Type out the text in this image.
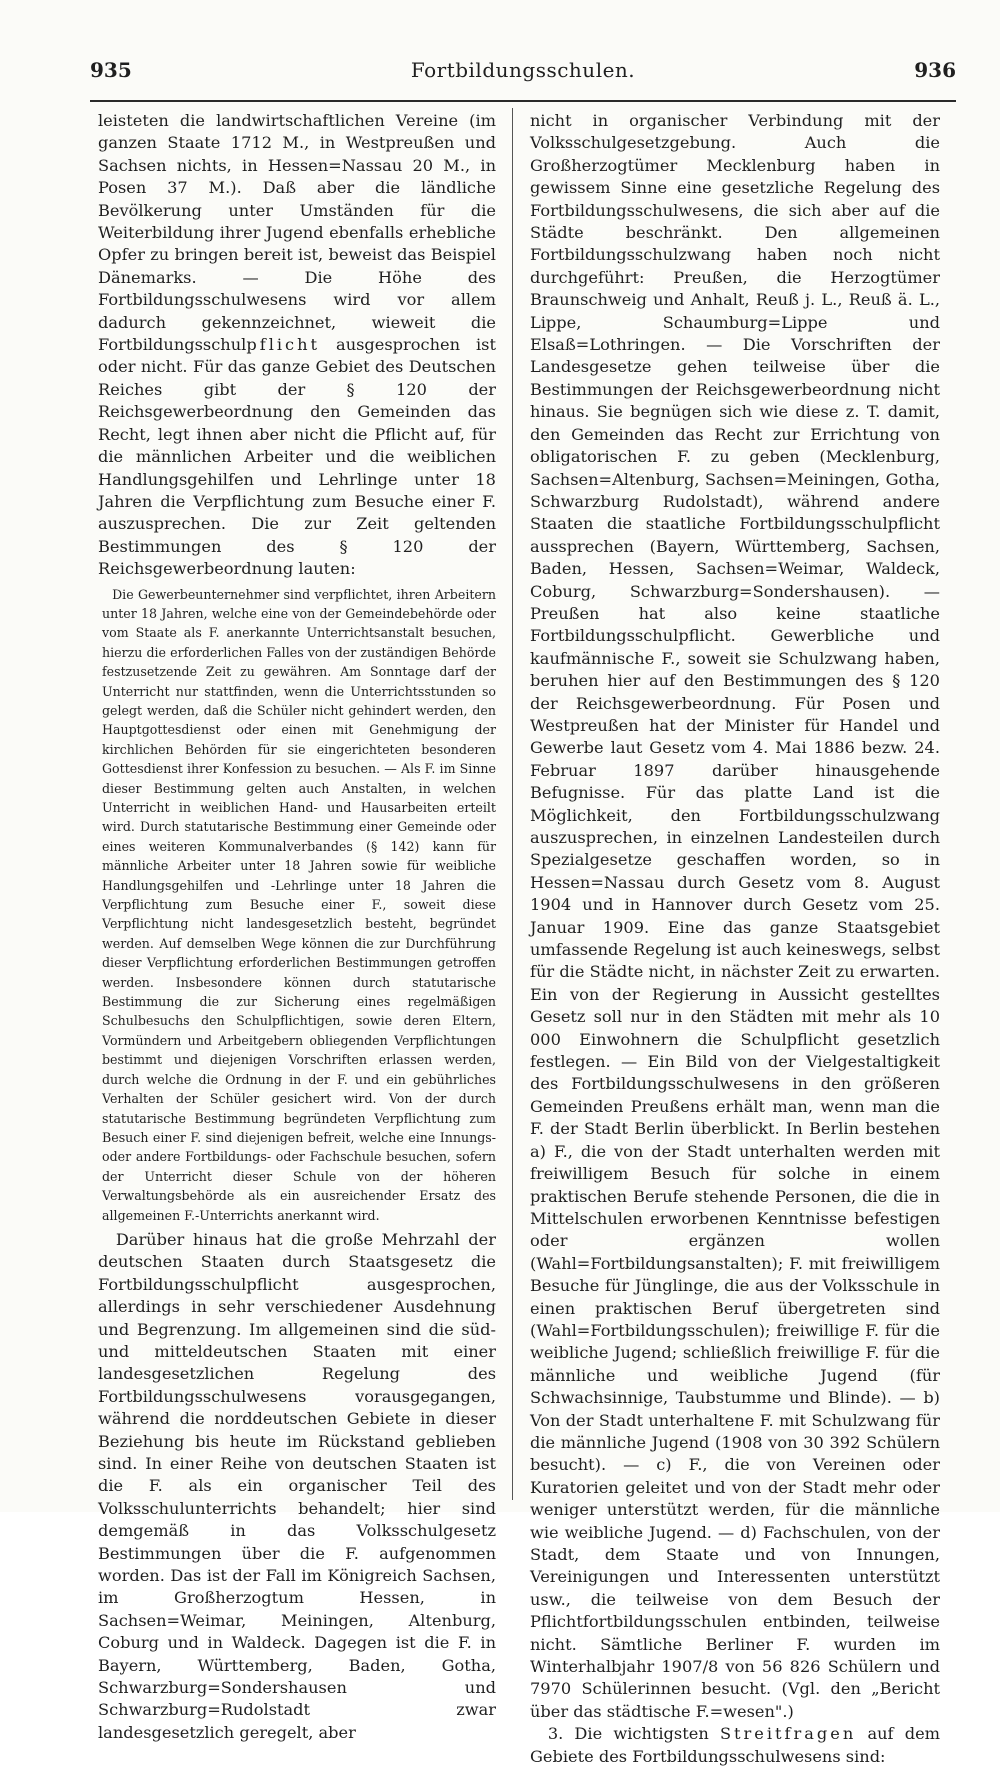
935	Fortbildungsschulen.	936

leisteten die landwirtschaftlichen Vereine (im ganzen Staate 1712 M., in Westpreußen und Sachsen nichts, in Hessen=Nassau 20 M., in Posen 37 M.). Daß aber die ländliche Bevölkerung unter Umständen für die Weiterbildung ihrer Jugend ebenfalls erhebliche Opfer zu bringen bereit ist, beweist das Beispiel Dänemarks. — Die Höhe des Fortbildungsschulwesens wird vor allem dadurch gekennzeichnet, wieweit die Fortbildungsschulpflicht ausgesprochen ist oder nicht. Für das ganze Gebiet des Deutschen Reiches gibt der § 120 der Reichsgewerbeordnung den Gemeinden das Recht, legt ihnen aber nicht die Pflicht auf, für die männlichen Arbeiter und die weiblichen Handlungsgehilfen und Lehrlinge unter 18 Jahren die Verpflichtung zum Besuche einer F. auszusprechen. Die zur Zeit geltenden Bestimmungen des § 120 der Reichsgewerbeordnung lauten:

Die Gewerbeunternehmer sind verpflichtet, ihren Arbeitern unter 18 Jahren, welche eine von der Gemeindebehörde oder vom Staate als F. anerkannte Unterrichtsanstalt besuchen, hierzu die erforderlichen Falles von der zuständigen Behörde festzusetzende Zeit zu gewähren. Am Sonntage darf der Unterricht nur stattfinden, wenn die Unterrichtsstunden so gelegt werden, daß die Schüler nicht gehindert werden, den Hauptgottesdienst oder einen mit Genehmigung der kirchlichen Behörden für sie eingerichteten besonderen Gottesdienst ihrer Konfession zu besuchen. — Als F. im Sinne dieser Bestimmung gelten auch Anstalten, in welchen Unterricht in weiblichen Hand- und Hausarbeiten erteilt wird. Durch statutarische Bestimmung einer Gemeinde oder eines weiteren Kommunalverbandes (§ 142) kann für männliche Arbeiter unter 18 Jahren sowie für weibliche Handlungsgehilfen und -Lehrlinge unter 18 Jahren die Verpflichtung zum Besuche einer F., soweit diese Verpflichtung nicht landesgesetzlich besteht, begründet werden. Auf demselben Wege können die zur Durchführung dieser Verpflichtung erforderlichen Bestimmungen getroffen werden. Insbesondere können durch statutarische Bestimmung die zur Sicherung eines regelmäßigen Schulbesuchs den Schulpflichtigen, sowie deren Eltern, Vormündern und Arbeitgebern obliegenden Verpflichtungen bestimmt und diejenigen Vorschriften erlassen werden, durch welche die Ordnung in der F. und ein gebührliches Verhalten der Schüler gesichert wird. Von der durch statutarische Bestimmung begründeten Verpflichtung zum Besuch einer F. sind diejenigen befreit, welche eine Innungs- oder andere Fortbildungs- oder Fachschule besuchen, sofern der Unterricht dieser Schule von der höheren Verwaltungsbehörde als ein ausreichender Ersatz des allgemeinen F.-Unterrichts anerkannt wird.

Darüber hinaus hat die große Mehrzahl der deutschen Staaten durch Staatsgesetz die Fortbildungsschulpflicht ausgesprochen, allerdings in sehr verschiedener Ausdehnung und Begrenzung. Im allgemeinen sind die süd- und mitteldeutschen Staaten mit einer landesgesetzlichen Regelung des Fortbildungsschulwesens vorausgegangen, während die norddeutschen Gebiete in dieser Beziehung bis heute im Rückstand geblieben sind. In einer Reihe von deutschen Staaten ist die F. als ein organischer Teil des Volksschulunterrichts behandelt; hier sind demgemäß in das Volksschulgesetz Bestimmungen über die F. aufgenommen worden. Das ist der Fall im Königreich Sachsen, im Großherzogtum Hessen, in Sachsen=Weimar, Meiningen, Altenburg, Coburg und in Waldeck. Dagegen ist die F. in Bayern, Württemberg, Baden, Gotha, Schwarzburg=Sondershausen und Schwarzburg=Rudolstadt zwar landesgesetzlich geregelt, aber

nicht in organischer Verbindung mit der Volksschulgesetzgebung. Auch die Großherzogtümer Mecklenburg haben in gewissem Sinne eine gesetzliche Regelung des Fortbildungsschulwesens, die sich aber auf die Städte beschränkt. Den allgemeinen Fortbildungsschulzwang haben noch nicht durchgeführt: Preußen, die Herzogtümer Braunschweig und Anhalt, Reuß j. L., Reuß ä. L., Lippe, Schaumburg=Lippe und Elsaß=Lothringen. — Die Vorschriften der Landesgesetze gehen teilweise über die Bestimmungen der Reichsgewerbeordnung nicht hinaus. Sie begnügen sich wie diese z. T. damit, den Gemeinden das Recht zur Errichtung von obligatorischen F. zu geben (Mecklenburg, Sachsen=Altenburg, Sachsen=Meiningen, Gotha, Schwarzburg Rudolstadt), während andere Staaten die staatliche Fortbildungsschulpflicht aussprechen (Bayern, Württemberg, Sachsen, Baden, Hessen, Sachsen=Weimar, Waldeck, Coburg, Schwarzburg=Sondershausen). — Preußen hat also keine staatliche Fortbildungsschulpflicht. Gewerbliche und kaufmännische F., soweit sie Schulzwang haben, beruhen hier auf den Bestimmungen des § 120 der Reichsgewerbeordnung. Für Posen und Westpreußen hat der Minister für Handel und Gewerbe laut Gesetz vom 4. Mai 1886 bezw. 24. Februar 1897 darüber hinausgehende Befugnisse. Für das platte Land ist die Möglichkeit, den Fortbildungsschulzwang auszusprechen, in einzelnen Landesteilen durch Spezialgesetze geschaffen worden, so in Hessen=Nassau durch Gesetz vom 8. August 1904 und in Hannover durch Gesetz vom 25. Januar 1909. Eine das ganze Staatsgebiet umfassende Regelung ist auch keineswegs, selbst für die Städte nicht, in nächster Zeit zu erwarten. Ein von der Regierung in Aussicht gestelltes Gesetz soll nur in den Städten mit mehr als 10 000 Einwohnern die Schulpflicht gesetzlich festlegen. — Ein Bild von der Vielgestaltigkeit des Fortbildungsschulwesens in den größeren Gemeinden Preußens erhält man, wenn man die F. der Stadt Berlin überblickt. In Berlin bestehen a) F., die von der Stadt unterhalten werden mit freiwilligem Besuch für solche in einem praktischen Berufe stehende Personen, die die in Mittelschulen erworbenen Kenntnisse befestigen oder ergänzen wollen (Wahl=Fortbildungsanstalten); F. mit freiwilligem Besuche für Jünglinge, die aus der Volksschule in einen praktischen Beruf übergetreten sind (Wahl=Fortbildungsschulen); freiwillige F. für die weibliche Jugend; schließlich freiwillige F. für die männliche und weibliche Jugend (für Schwachsinnige, Taubstumme und Blinde). — b) Von der Stadt unterhaltene F. mit Schulzwang für die männliche Jugend (1908 von 30 392 Schülern besucht). — c) F., die von Vereinen oder Kuratorien geleitet und von der Stadt mehr oder weniger unterstützt werden, für die männliche wie weibliche Jugend. — d) Fachschulen, von der Stadt, dem Staate und von Innungen, Vereinigungen und Interessenten unterstützt usw., die teilweise von dem Besuch der Pflichtfortbildungsschulen entbinden, teilweise nicht. Sämtliche Berliner F. wurden im Winterhalbjahr 1907/8 von 56 826 Schülern und 7970 Schülerinnen besucht. (Vgl. den „Bericht über das städtische F.=wesen".)

3. Die wichtigsten Streitfragen auf dem Gebiete des Fortbildungsschulwesens sind:
